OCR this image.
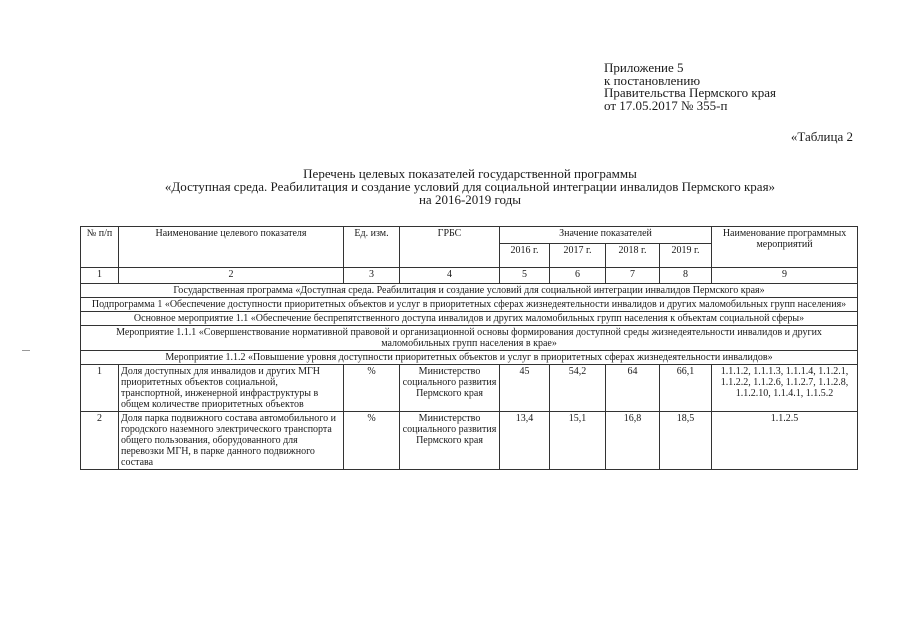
Приложение 5
к постановлению
Правительства Пермского края
от 17.05.2017 № 355-п
«Таблица 2
Перечень целевых показателей государственной программы
«Доступная среда. Реабилитация и создание условий для социальной интеграции инвалидов Пермского края»
на 2016-2019 годы
№ п/п	Наименование целевого показателя	Ед. изм.	ГРБС	Значение показателей				Наименование программных мероприятий
				2016 г.	2017 г.	2018 г.	2019 г.	
1	2	3	4	5	6	7	8	9
Государственная программа «Доступная среда. Реабилитация и создание условий для социальной интеграции инвалидов Пермского края»								
Подпрограмма 1 «Обеспечение доступности приоритетных объектов и услуг в приоритетных сферах жизнедеятельности инвалидов и других маломобильных групп населения»								
Основное мероприятие 1.1 «Обеспечение беспрепятственного доступа инвалидов и других маломобильных групп населения к объектам социальной сферы»								
Мероприятие 1.1.1 «Совершенствование нормативной правовой и организационной основы формирования доступной среды жизнедеятельности инвалидов и других маломобильных групп населения в крае»								
Мероприятие 1.1.2 «Повышение уровня доступности приоритетных объектов и услуг в приоритетных сферах жизнедеятельности инвалидов»								
1	Доля доступных для инвалидов и других МГН приоритетных объектов социальной, транспортной, инженерной инфраструктуры в общем количестве приоритетных объектов	%	Министерство социального развития Пермского края	45	54,2	64	66,1	1.1.1.2, 1.1.1.3, 1.1.1.4, 1.1.2.1, 1.1.2.2, 1.1.2.6, 1.1.2.7, 1.1.2.8, 1.1.2.10, 1.1.4.1, 1.1.5.2
2	Доля парка подвижного состава автомобильного и городского наземного электрического транспорта общего пользования, оборудованного для перевозки МГН, в парке данного подвижного состава	%	Министерство социального развития Пермского края	13,4	15,1	16,8	18,5	1.1.2.5
